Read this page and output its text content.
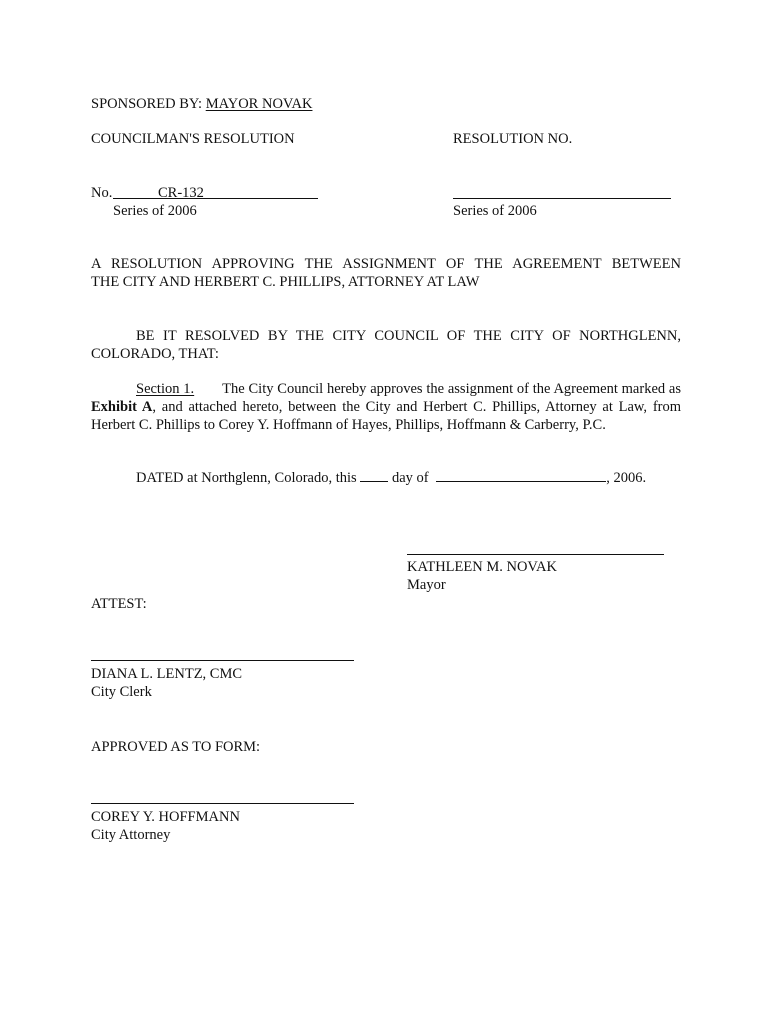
SPONSORED BY: MAYOR NOVAK
COUNCILMAN'S RESOLUTION	RESOLUTION NO.
No.	CR-132
Series of 2006	Series of 2006
A RESOLUTION APPROVING THE ASSIGNMENT OF THE AGREEMENT BETWEEN
THE CITY AND HERBERT C. PHILLIPS, ATTORNEY AT LAW
BE IT RESOLVED BY THE CITY COUNCIL OF THE CITY OF NORTHGLENN,
COLORADO, THAT:
Section 1. The City Council hereby approves the assignment of the Agreement marked as Exhibit A, and attached hereto, between the City and Herbert C. Phillips, Attorney at Law, from Herbert C. Phillips to Corey Y. Hoffmann of Hayes, Phillips, Hoffmann & Carberry, P.C.
DATED at Northglenn, Colorado, this day of	, 2006.
KATHLEEN M. NOVAK
Mayor
ATTEST:
DIANA L. LENTZ, CMC
City Clerk
APPROVED AS TO FORM:
COREY Y. HOFFMANN
City Attorney
